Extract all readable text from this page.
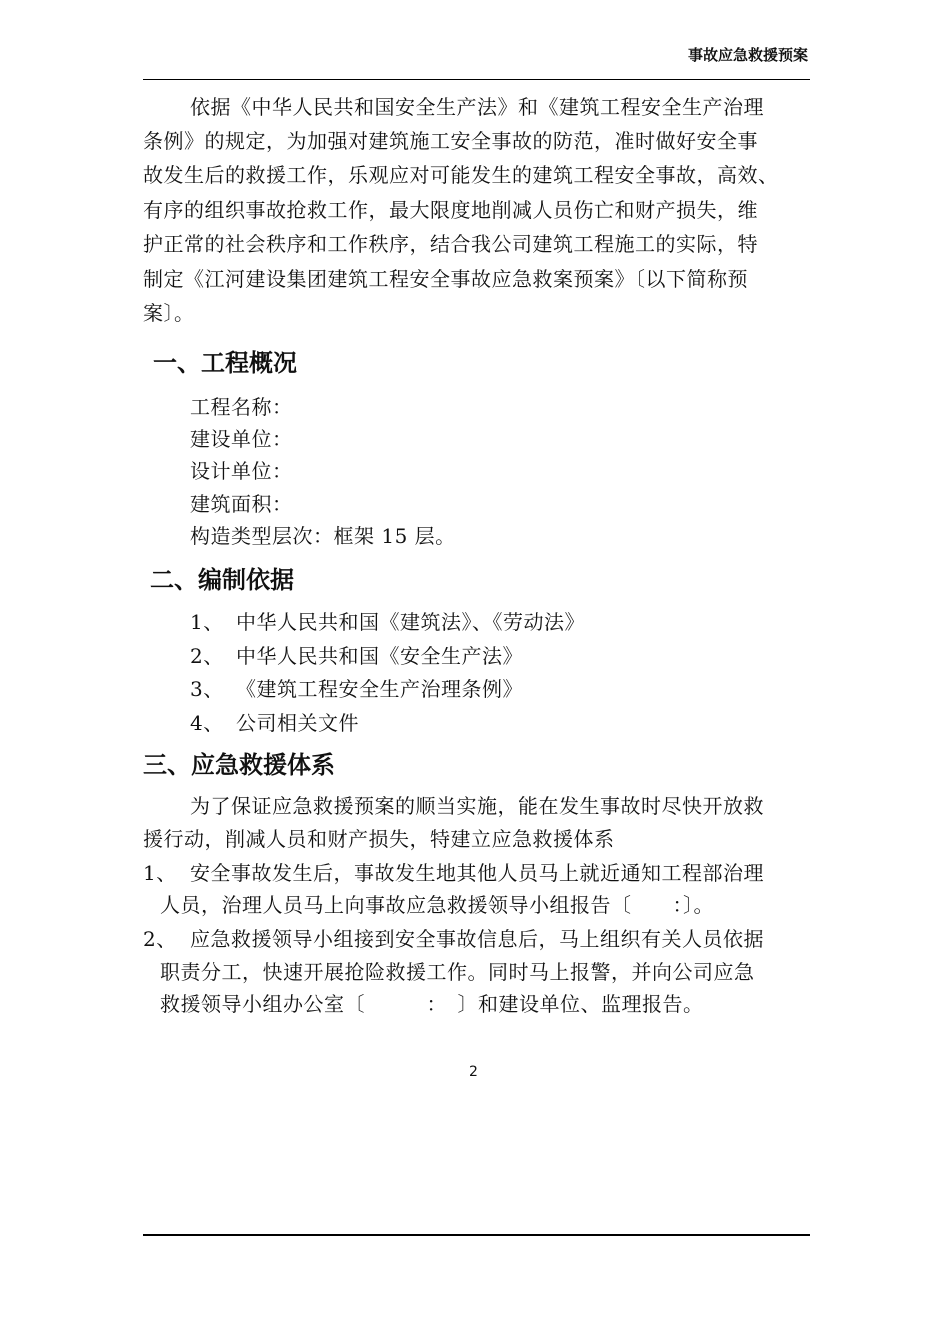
事故应急救援预案
依据《中华人民共和国安全生产法》和《建筑工程安全生产治理
条例》的规定，为加强对建筑施工安全事故的防范，准时做好安全事
故发生后的救援工作，乐观应对可能发生的建筑工程安全事故，高效、
有序的组织事故抢救工作，最大限度地削减人员伤亡和财产损失，维
护正常的社会秩序和工作秩序，结合我公司建筑工程施工的实际，特
制定《江河建设集团建筑工程安全事故应急救案预案》〔以下简称预
案〕。
一、工程概况
工程名称：
建设单位：
设计单位：
建筑面积：
构造类型层次：框架 15 层。
二、编制依据
1、 中华人民共和国《建筑法》、《劳动法》
2、 中华人民共和国《安全生产法》
3、 《建筑工程安全生产治理条例》
4、 公司相关文件
三、应急救援体系
为了保证应急救援预案的顺当实施，能在发生事故时尽快开放救
援行动，削减人员和财产损失，特建立应急救援体系
1、 安全事故发生后，事故发生地其他人员马上就近通知工程部治理
人员，治理人员马上向事故应急救援领导小组报告〔　　：〕。
2、 应急救援领导小组接到安全事故信息后，马上组织有关人员依据
职责分工，快速开展抢险救援工作。同时马上报警，并向公司应急
救援领导小组办公室〔　　　：　〕和建设单位、监理报告。
2
